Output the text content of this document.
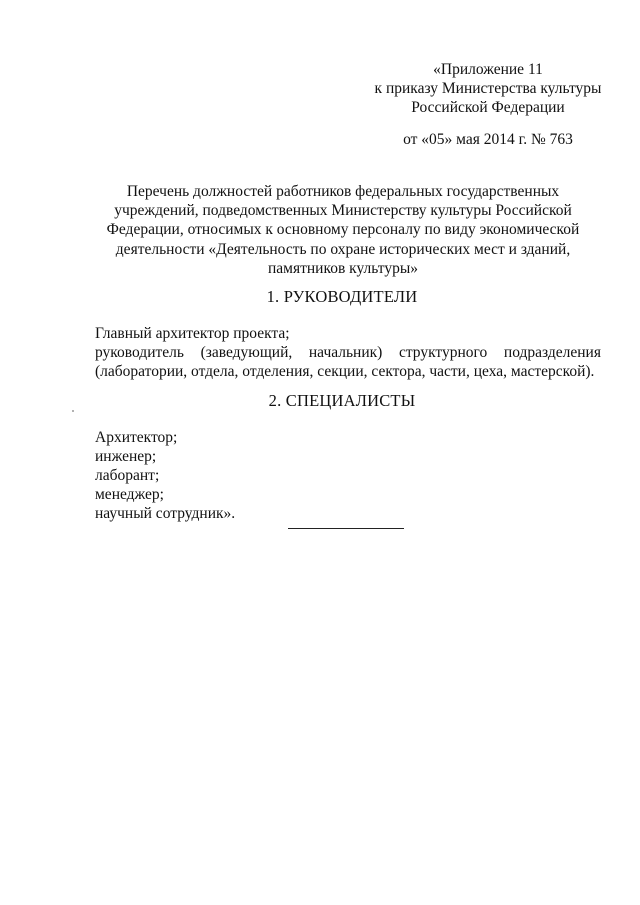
«Приложение 11
к приказу Министерства культуры
Российской Федерации
от «05» мая 2014 г. № 763
Перечень должностей работников федеральных государственных
учреждений, подведомственных Министерству культуры Российской
Федерации, относимых к основному персоналу по виду экономической
деятельности «Деятельность по охране исторических мест и зданий,
памятников культуры»
1. РУКОВОДИТЕЛИ
Главный архитектор проекта;
руководитель (заведующий, начальник) структурного подразделения
(лаборатории, отдела, отделения, секции, сектора, части, цеха, мастерской).
2. СПЕЦИАЛИСТЫ
Архитектор;
инженер;
лаборант;
менеджер;
научный сотрудник».
